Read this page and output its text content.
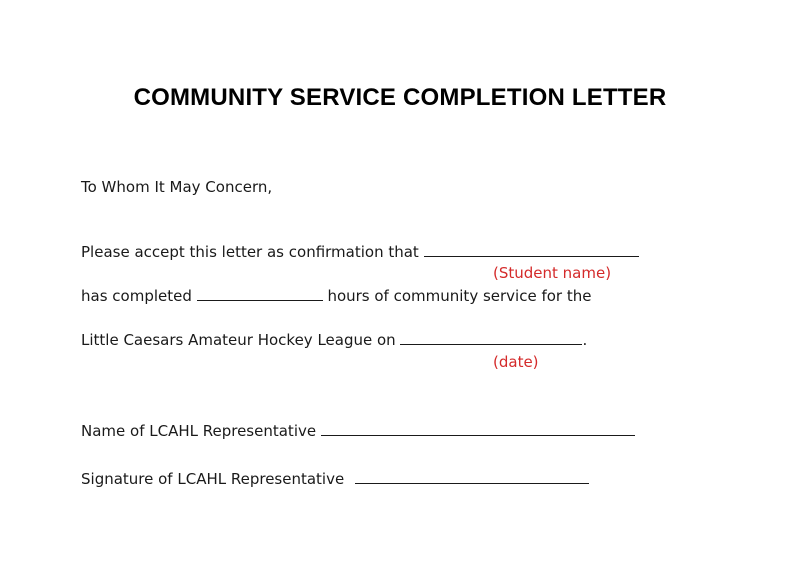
COMMUNITY SERVICE COMPLETION LETTER
To Whom It May Concern,
Please accept this letter as confirmation that
(Student name)
has completed	hours of community service for the
Little Caesars Amateur Hockey League on	.
(date)
Name of LCAHL Representative
Signature of LCAHL Representative
